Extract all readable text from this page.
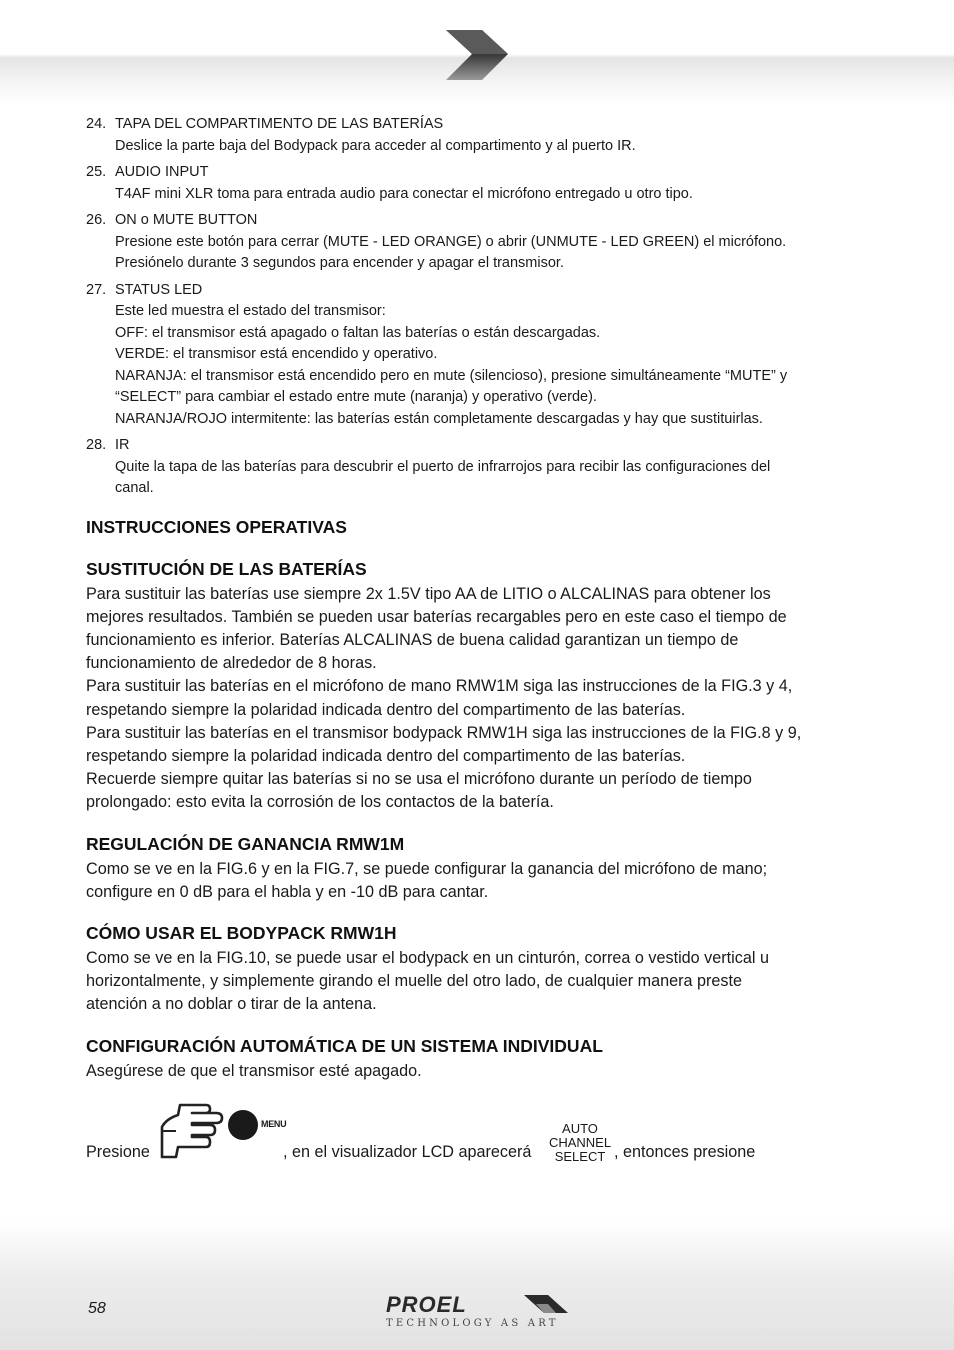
24. TAPA DEL COMPARTIMENTO DE LAS BATERÍAS
Deslice la parte baja del Bodypack para acceder al compartimento y al puerto IR.
25. AUDIO INPUT
T4AF mini XLR toma para entrada audio para conectar el micrófono entregado u otro tipo.
26. ON o MUTE BUTTON
Presione este botón para cerrar (MUTE - LED ORANGE) o abrir (UNMUTE - LED GREEN) el micrófono.
Presiónelo durante 3 segundos para encender y apagar el transmisor.
27. STATUS LED
Este led muestra el estado del transmisor:
OFF: el transmisor está apagado o faltan las baterías o están descargadas.
VERDE: el transmisor está encendido y operativo.
NARANJA: el transmisor está encendido pero en mute (silencioso), presione simultáneamente “MUTE” y
“SELECT” para cambiar el estado entre mute (naranja) y operativo (verde).
NARANJA/ROJO intermitente: las baterías están completamente descargadas y hay que sustituirlas.
28. IR
Quite la tapa de las baterías para descubrir el puerto de infrarrojos para recibir las configuraciones del
canal.
INSTRUCCIONES OPERATIVAS
SUSTITUCIÓN DE LAS BATERÍAS

Para sustituir las baterías use siempre 2x 1.5V tipo AA de LITIO o ALCALINAS para obtener los
mejores resultados. También se pueden usar baterías recargables pero en este caso el tiempo de
funcionamiento es inferior. Baterías ALCALINAS de buena calidad garantizan un tiempo de
funcionamiento de alrededor de 8 horas.
Para sustituir las baterías en el micrófono de mano RMW1M siga las instrucciones de la FIG.3 y 4,
respetando siempre la polaridad indicada dentro del compartimento de las baterías.
Para sustituir las baterías en el transmisor bodypack RMW1H siga las instrucciones de la FIG.8 y 9,
respetando siempre la polaridad indicada dentro del compartimento de las baterías.
Recuerde siempre quitar las baterías si no se usa el micrófono durante un período de tiempo
prolongado: esto evita la corrosión de los contactos de la batería.

REGULACIÓN DE GANANCIA RMW1M

Como se ve en la FIG.6 y en la FIG.7, se puede configurar la ganancia del micrófono de mano;
configure en 0 dB para el habla y en -10 dB para cantar.

CÓMO USAR EL BODYPACK RMW1H

Como se ve en la FIG.10, se puede usar el bodypack en un cinturón, correa o vestido vertical u
horizontalmente, y simplemente girando el muelle del otro lado, de cualquier manera preste
atención a no doblar o tirar de la antena.

CONFIGURACIÓN AUTOMÁTICA DE UN SISTEMA INDIVIDUAL

Asegúrese de que el transmisor esté apagado.

Presione
MENU
, en el visualizador LCD aparecerá
AUTO
CHANNEL
SELECT , entonces presione
58	PROEL
TECHNOLOGY AS ART
